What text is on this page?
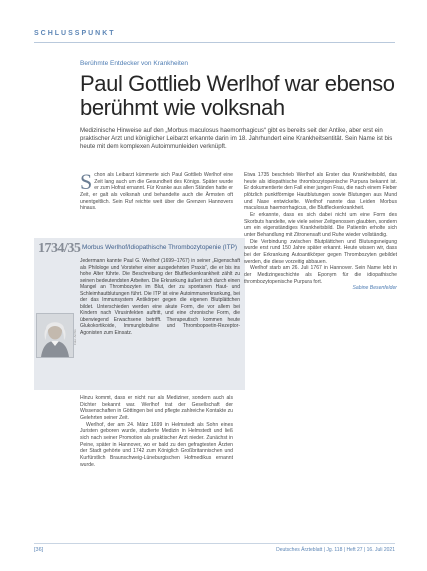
SCHLUSSPUNKT
Berühmte Entdecker von Krankheiten
Paul Gottlieb Werlhof war ebenso berühmt wie volksnah
Medizinische Hinweise auf den „Morbus maculosus haemorrhagicus“ gibt es bereits seit der Antike, aber erst ein praktischer Arzt und königlicher Leibarzt erkannte darin im 18. Jahrhundert eine Krankheitsentität. Sein Name ist bis heute mit dem komplexen Autoimmunleiden verknüpft.

Schon als Leibarzt kümmerte sich Paul Gottlieb Werlhof eine Zeit lang auch um die Gesundheit des Königs. Später wurde er zum Hofrat ernannt. Für Kranke aus allen Ständen hatte er Zeit, er galt als volksnah und behandelte auch die Ärmsten oft unentgeltlich. Sein Ruf reichte weit über die Grenzen Hannovers hinaus.

1734/35 Morbus Werlhof/Idiopathische Thrombozytopenie (ITP)
Jedermann kannte Paul G. Werlhof (1699–1767) in seiner „Eigenschaft als Philologe und Vorsteher einer ausgedehnten Praxis“, die er bis ins hohe Alter führte. Die Beschreibung der Blutfleckenkrankheit zählt zu seinen bedeutendsten Arbeiten. Die Erkrankung äußert sich durch einen Mangel an Thrombozyten im Blut, der zu spontanen Haut- und Schleimhautblutungen führt. Die ITP ist eine Autoimmunerkrankung, bei der das Immunsystem Antikörper gegen die eigenen Blutplättchen bildet. Unterschieden werden eine akute Form, die vor allem bei Kindern nach Virusinfekten auftritt, und eine chronische Form, die überwiegend Erwachsene betrifft. Therapeutisch kommen heute Glukokortikoide, Immunglobuline und Thrombopoetin-Rezeptor-Agonisten zum Einsatz.
Foto: Archiv

Hinzu kommt, dass er nicht nur als Mediziner, sondern auch als Dichter bekannt war. Werlhof trat der Gesellschaft der Wissenschaften in Göttingen bei und pflegte zahlreiche Kontakte zu Gelehrten seiner Zeit.

Werlhof, der am 24. März 1699 in Helmstedt als Sohn eines Juristen geboren wurde, studierte Medizin in Helmstedt und ließ sich nach seiner Promotion als praktischer Arzt nieder. Zunächst in Peine, später in Hannover, wo er bald zu den gefragtesten Ärzten der Stadt gehörte und 1742 zum Königlich Großbritannischen und Kurfürstlich Braunschweig-Lüneburgischen Hofmedikus ernannt wurde.

Etwa 1735 beschrieb Werlhof als Erster das Krankheitsbild, das heute als idiopathische thrombozytopenische Purpura bekannt ist. Er dokumentierte den Fall einer jungen Frau, die nach einem Fieber plötzlich punktförmige Hautblutungen sowie Blutungen aus Mund und Nase entwickelte. Werlhof nannte das Leiden Morbus maculosus haemorrhagicus, die Blutfleckenkrankheit.

Er erkannte, dass es sich dabei nicht um eine Form des Skorbuts handelte, wie viele seiner Zeitgenossen glaubten, sondern um ein eigenständiges Krankheitsbild. Die Patientin erholte sich unter Behandlung mit Zitronensaft und Ruhe wieder vollständig.

Die Verbindung zwischen Blutplättchen und Blutungsneigung wurde erst rund 150 Jahre später erkannt. Heute wissen wir, dass bei der Erkrankung Autoantikörper gegen Thrombozyten gebildet werden, die diese vorzeitig abbauen.

Werlhof starb am 26. Juli 1767 in Hannover. Sein Name lebt in der Medizingeschichte als Eponym für die idiopathische thrombozytopenische Purpura fort.

Sabine Besenfelder

[36]	Deutsches Ärzteblatt | Jg. 118 | Heft 27 | 16. Juli 2021
